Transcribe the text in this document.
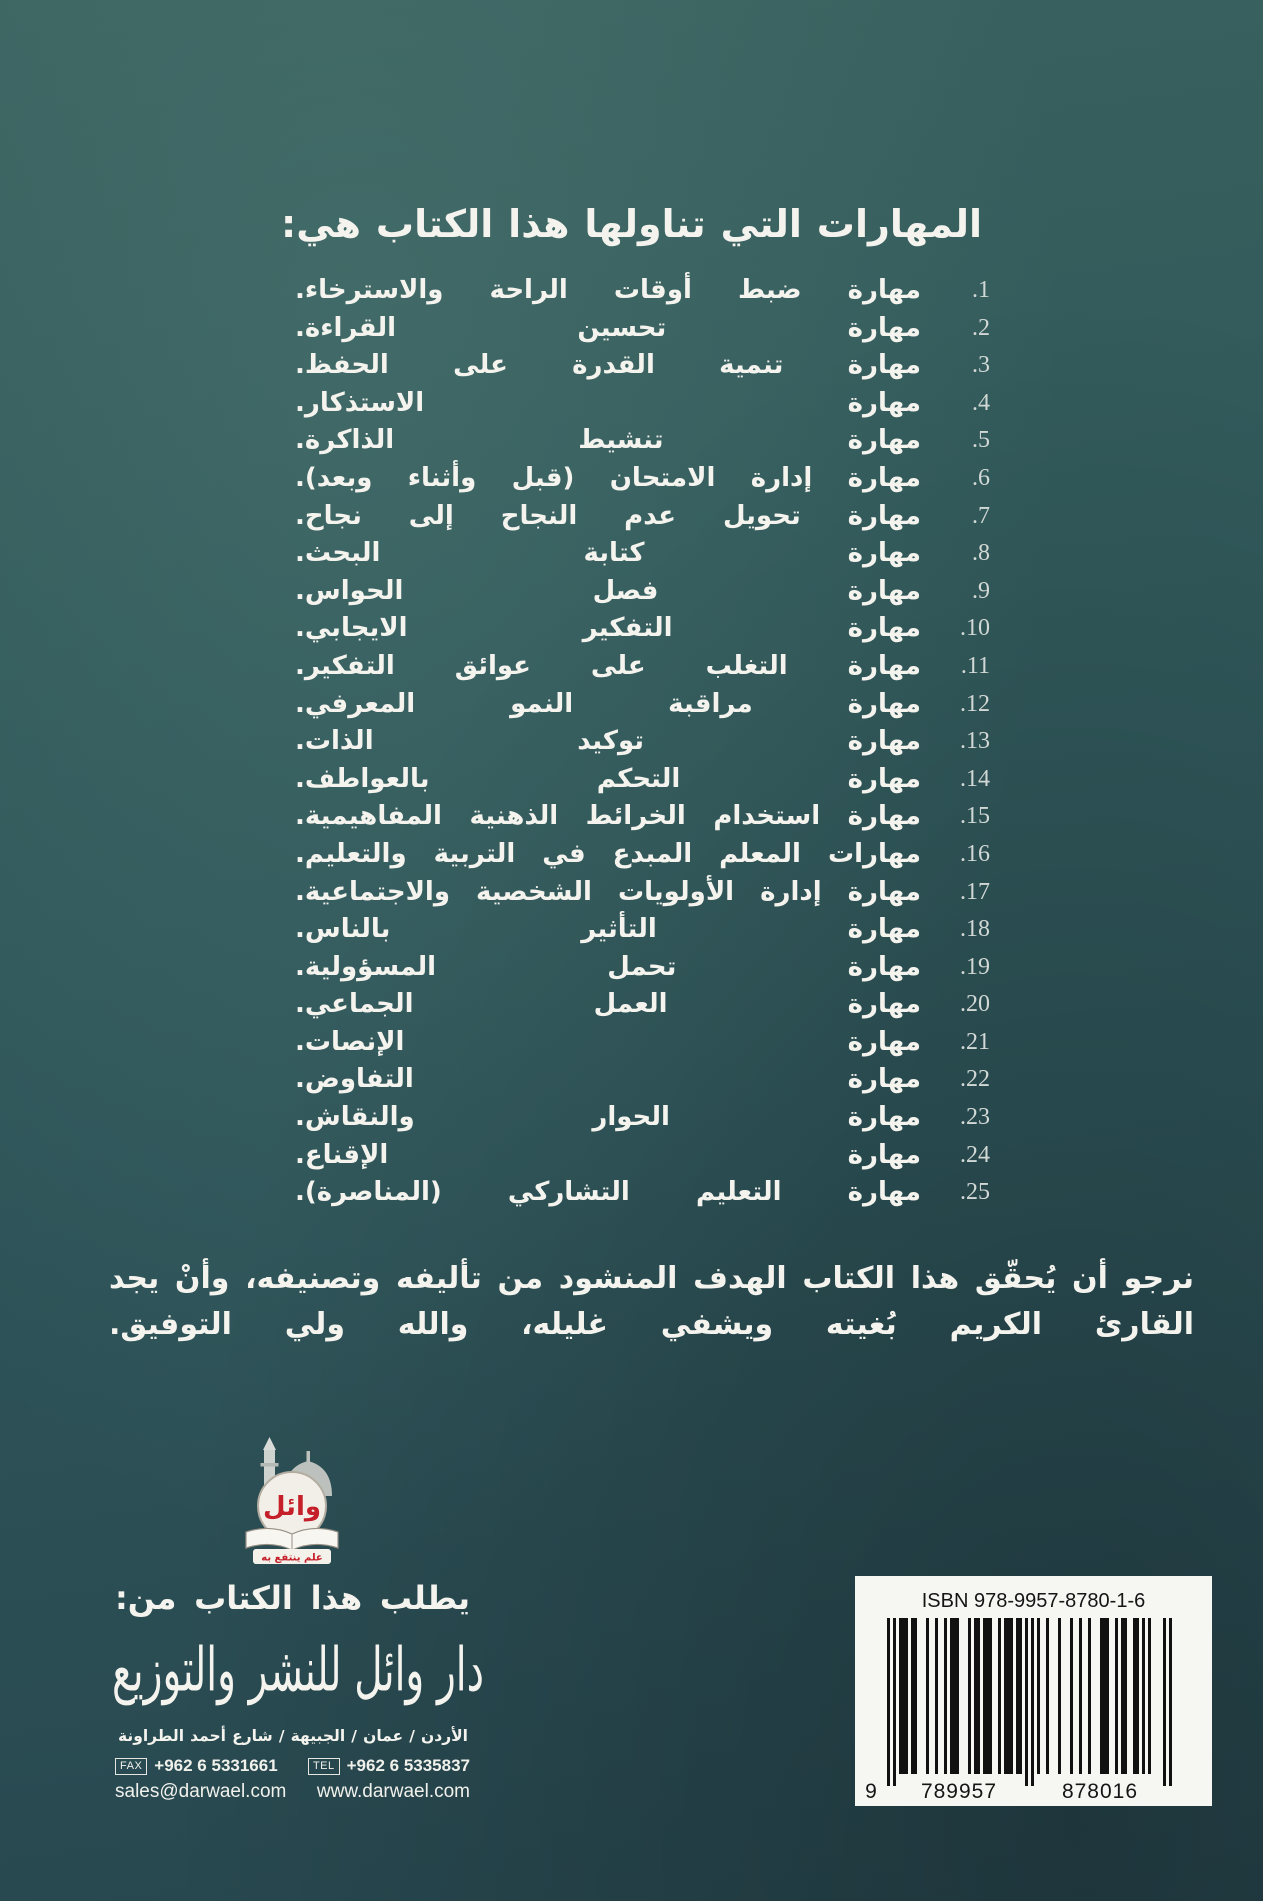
المهارات التي تناولها هذا الكتاب هي:
1.
مهارة ضبط أوقات الراحة والاسترخاء.
2.
مهارة تحسين القراءة.
3.
مهارة تنمية القدرة على الحفظ.
4.
مهارة الاستذكار.
5.
مهارة تنشيط الذاكرة.
6.
مهارة إدارة الامتحان (قبل وأثناء وبعد).
7.
مهارة تحويل عدم النجاح إلى نجاح.
8.
مهارة كتابة البحث.
9.
مهارة فصل الحواس.
10.
مهارة التفكير الايجابي.
11.
مهارة التغلب على عوائق التفكير.
12.
مهارة مراقبة النمو المعرفي.
13.
مهارة توكيد الذات.
14.
مهارة التحكم بالعواطف.
15.
مهارة استخدام الخرائط الذهنية المفاهيمية.
16.
مهارات المعلم المبدع في التربية والتعليم.
17.
مهارة إدارة الأولويات الشخصية والاجتماعية.
18.
مهارة التأثير بالناس.
19.
مهارة تحمل المسؤولية.
20.
مهارة العمل الجماعي.
21.
مهارة الإنصات.
22.
مهارة التفاوض.
23.
مهارة الحوار والنقاش.
24.
مهارة الإقناع.
25.
مهارة التعليم التشاركي (المناصرة).
نرجو أن يُحقّق هذا الكتاب الهدف المنشود من تأليفه وتصنيفه، وأنْ يجد
القارئ الكريم بُغيته ويشفي غليله، والله ولي التوفيق.
وائل
علم ينتفع به
يطلب هذا الكتاب من:
دار وائل للنشر والتوزيع
الأردن / عمان / الجبيهة / شارع أحمد الطراونة
FAX +962 6 5331661	TEL +962 6 5335837
sales@darwael.com www.darwael.com
ISBN 978-9957-8780-1-6
9 789957	878016
